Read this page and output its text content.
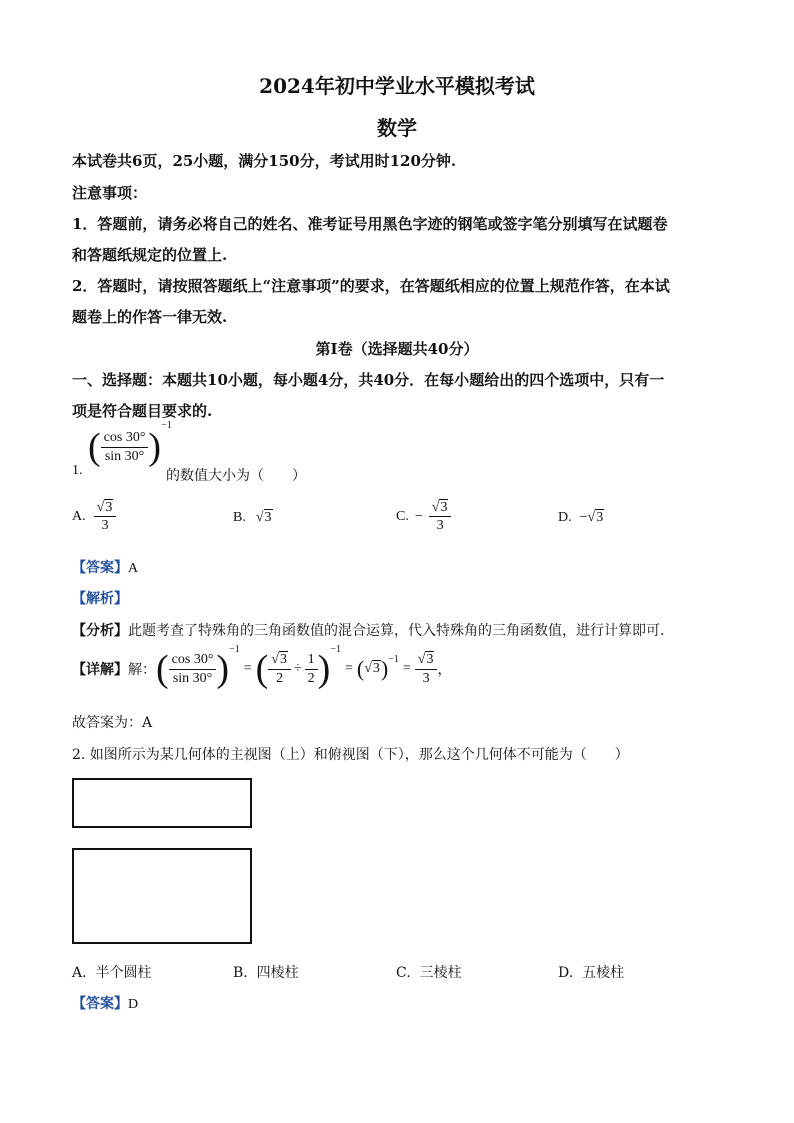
2024年初中学业水平模拟考试
数学
本试卷共6页，25小题，满分150分，考试用时120分钟.
注意事项：
1．答题前，请务必将自己的姓名、准考证号用黑色字迹的钢笔或签字笔分别填写在试题卷
和答题纸规定的位置上.
2．答题时，请按照答题纸上“注意事项”的要求，在答题纸相应的位置上规范作答，在本试
题卷上的作答一律无效.
第Ⅰ卷（选择题共40分）
一、选择题：本题共10小题，每小题4分，共40分．在每小题给出的四个选项中，只有一
项是符合题目要求的.
1.
( $\frac{\cos 30^\circ}{\sin 30^\circ}$ )
−1
的数值大小为（　　）
A. $\frac{√3}{3}$	B. √3	C. − $\frac{√3}{3}$	D. −√3
【答案】A
【解析】
【分析】此题考查了特殊角的三角函数值的混合运算，代入特殊角的三角函数值，进行计算即可.
【详解】 解： ( $\frac{\cos 30^\circ}{\sin 30^\circ}$ ) −1
= ( $\frac{√3}{2} \div \frac{1}{2}$ ) −1
= ( √3 ) −1
= $\frac{√3}{3}$ ，
故答案为：A
2. 如图所示为某几何体的主视图（上）和俯视图（下），那么这个几何体不可能为（　　）
A. 半个圆柱	B. 四棱柱	C. 三棱柱	D. 五棱柱
【答案】D
